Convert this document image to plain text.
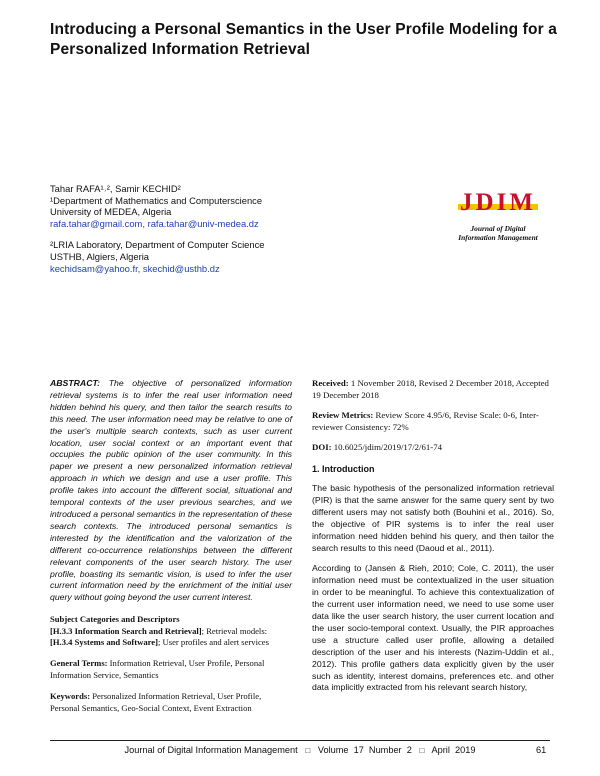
Introducing a Personal Semantics in the User Profile Modeling for a Personalized Information Retrieval
Tahar RAFA¹˒², Samir KECHID²
¹Department of Mathematics and Computerscience
University of MEDEA, Algeria
rafa.tahar@gmail.com, rafa.tahar@univ-medea.dz
²LRIA Laboratory, Department of Computer Science
USTHB, Algiers, Algeria
kechidsam@yahoo.fr, skechid@usthb.dz
JDIM
Journal of Digital
Information Management

ABSTRACT: The objective of personalized information retrieval systems is to infer the real user information need hidden behind his query, and then tailor the search results to this need. The user information need may be relative to one of the user's multiple search contexts, such as user current location, user social context or an important event that occupies the public opinion of the user community. In this paper we present a new personalized information retrieval approach in which we design and use a user profile. This profile takes into account the different social, situational and temporal contexts of the user previous searches, and we introduced a personal semantics in the representation of these search contexts. The introduced personal semantics is interested by the identification and the valorization of the different co-occurrence relationships between the different relevant components of the user search history. The user profile, boasting its semantic vision, is used to infer the user current information need by the enrichment of the initial user query without going beyond the user current interest.

Subject Categories and Descriptors

[H.3.3 Information Search and Retrieval]; Retrieval models:

[H.3.4 Systems and Software]; User profiles and alert services

General Terms: Information Retrieval, User Profile, Personal Information Service, Semantics

Keywords: Personalized Information Retrieval, User Profile, Personal Semantics, Geo-Social Context, Event Extraction

Received: 1 November 2018, Revised 2 December 2018, Accepted 19 December 2018

Review Metrics: Review Score 4.95/6, Revise Scale: 0-6, Inter-reviewer Consistency: 72%

DOI: 10.6025/jdim/2019/17/2/61-74

1. Introduction

The basic hypothesis of the personalized information retrieval (PIR) is that the same answer for the same query sent by two different users may not satisfy both (Bouhini et al., 2016). So, the objective of PIR systems is to infer the real user information need hidden behind his query, and then tailor the search results to this need (Daoud et al., 2011).

According to (Jansen & Rieh, 2010; Cole, C. 2011), the user information need must be contextualized in the user situation in order to be meaningful. To achieve this contextualization of the current user information need, we need to use some user data like the user search history, the user current location and the user socio-temporal context. Usually, the PIR approaches use a structure called user profile, allowing a detailed description of the user and his interests (Nazim-Uddin et al., 2012). This profile gathers data explicitly given by the user such as identity, interest domains, preferences etc. and other data implicitly extracted from his relevant search history,

Journal of Digital Information Management □ Volume  17  Number  2 □ April  2019	61
